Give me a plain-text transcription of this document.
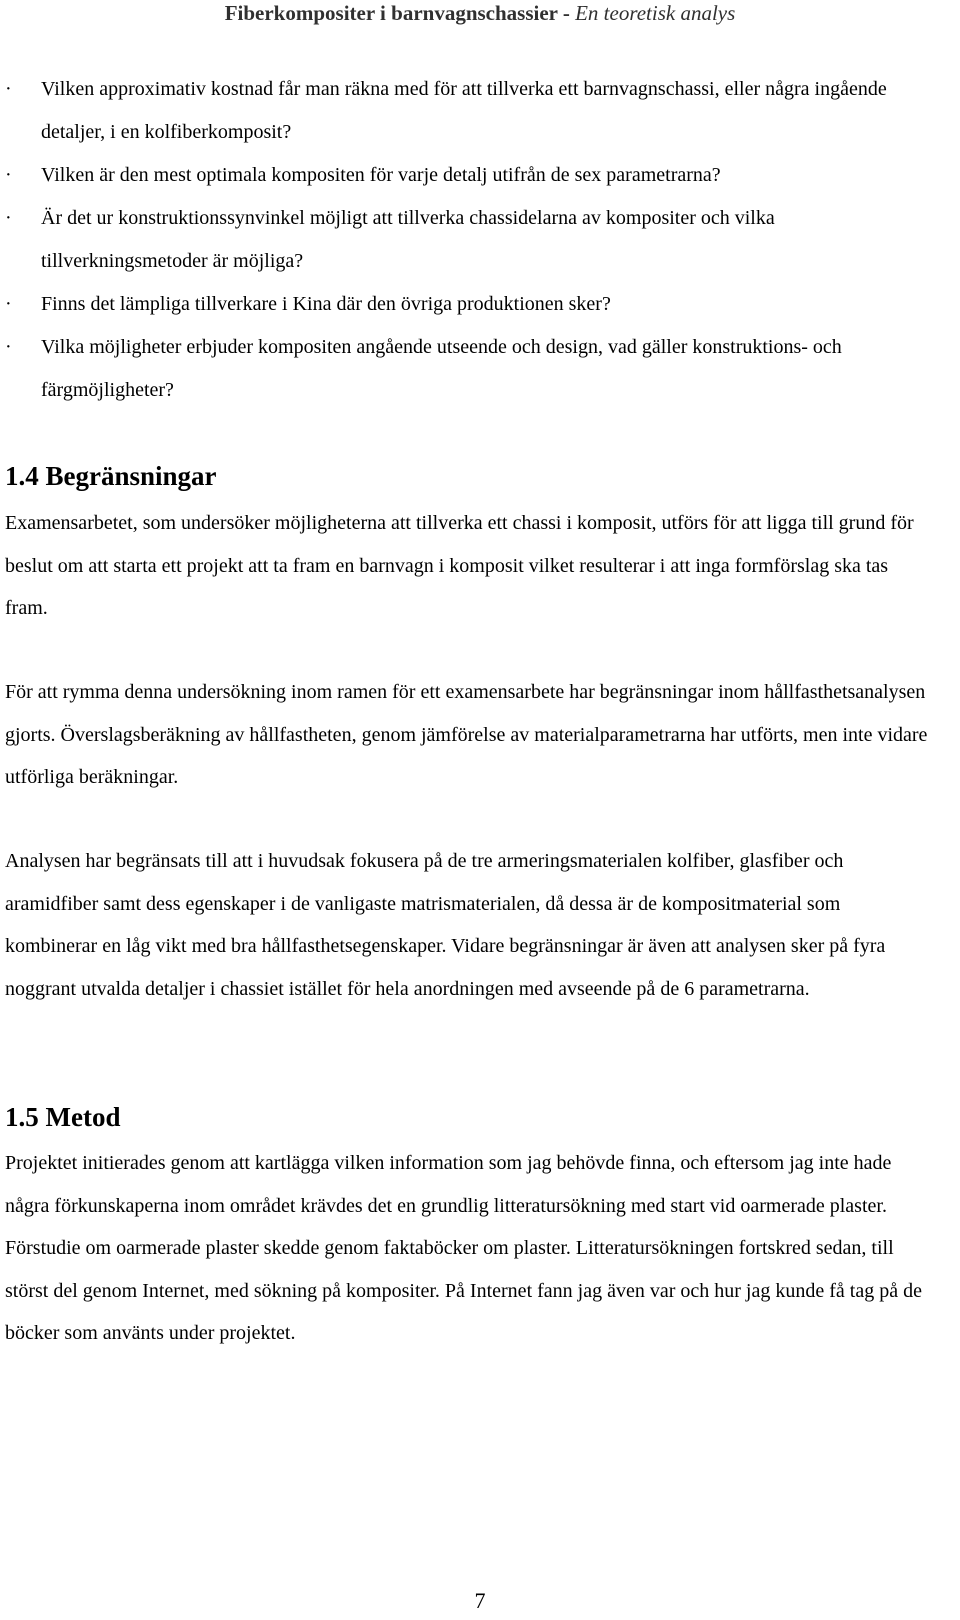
Fiberkompositer i barnvagnschassier - En teoretisk analys
· Vilken approximativ kostnad får man räkna med för att tillverka ett barnvagnschassi, eller några ingående detaljer, i en kolfiberkomposit?
· Vilken är den mest optimala kompositen för varje detalj utifrån de sex parametrarna?
· Är det ur konstruktionssynvinkel möjligt att tillverka chassidelarna av kompositer och vilka tillverkningsmetoder är möjliga?
· Finns det lämpliga tillverkare i Kina där den övriga produktionen sker?
· Vilka möjligheter erbjuder kompositen angående utseende och design, vad gäller konstruktions- och färgmöjligheter?
1.4 Begränsningar

Examensarbetet, som undersöker möjligheterna att tillverka ett chassi i komposit, utförs för att ligga till grund för beslut om att starta ett projekt att ta fram en barnvagn i komposit vilket resulterar i att inga formförslag ska tas fram.

För att rymma denna undersökning inom ramen för ett examensarbete har begränsningar inom hållfasthetsanalysen gjorts. Överslagsberäkning av hållfastheten, genom jämförelse av materialparametrarna har utförts, men inte vidare utförliga beräkningar.

Analysen har begränsats till att i huvudsak fokusera på de tre armeringsmaterialen kolfiber, glasfiber och aramidfiber samt dess egenskaper i de vanligaste matrismaterialen, då dessa är de kompositmaterial som kombinerar en låg vikt med bra hållfasthetsegenskaper. Vidare begränsningar är även att analysen sker på fyra noggrant utvalda detaljer i chassiet istället för hela anordningen med avseende på de 6 parametrarna.

1.5 Metod

Projektet initierades genom att kartlägga vilken information som jag behövde finna, och eftersom jag inte hade några förkunskaperna inom området krävdes det en grundlig litteratursökning med start vid oarmerade plaster. Förstudie om oarmerade plaster skedde genom faktaböcker om plaster. Litteratursökningen fortskred sedan, till störst del genom Internet, med sökning på kompositer. På Internet fann jag även var och hur jag kunde få tag på de böcker som använts under projektet.

7
